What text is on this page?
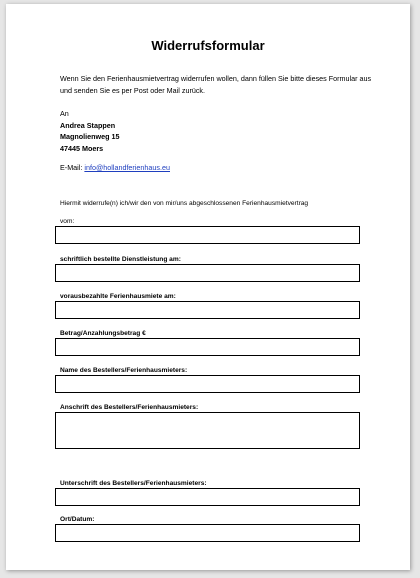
Widerrufsformular
Wenn Sie den Ferienhausmietvertrag widerrufen wollen, dann füllen Sie bitte dieses Formular aus und senden Sie es per Post oder Mail zurück.
An
Andrea Stappen
Magnolienweg 15
47445 Moers
E-Mail: info@hollandferienhaus.eu
Hiermit widerrufe(n) ich/wir den von mir/uns abgeschlossenen Ferienhausmietvertrag
vom:
schriftlich bestellte Dienstleistung am:
vorausbezahlte Ferienhausmiete am:
Betrag/Anzahlungsbetrag €
Name des Bestellers/Ferienhausmieters:
Anschrift des Bestellers/Ferienhausmieters:
Unterschrift des Bestellers/Ferienhausmieters:
Ort/Datum:
